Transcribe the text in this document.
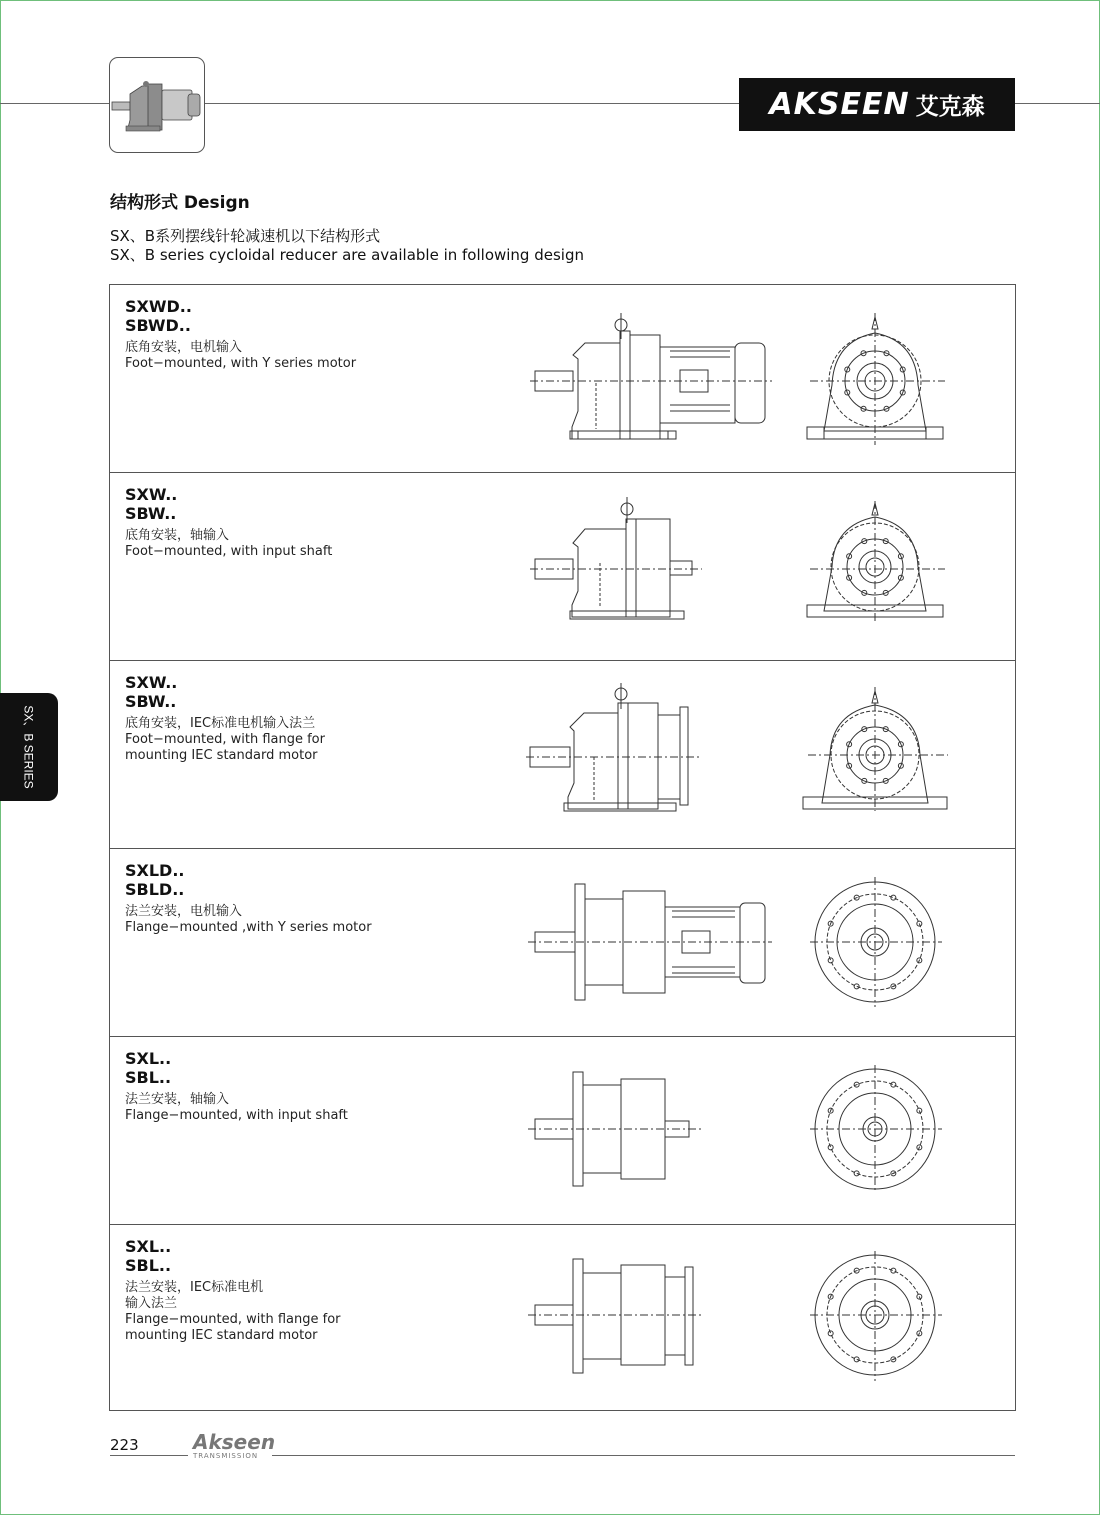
AKSEEN 艾克森
结构形式 Design
SX、B系列摆线针轮减速机以下结构形式
SX、B series cycloidal reducer are available in following design
SXWD..
SBWD..
底角安装，电机输入
Foot−mounted, with Y series motor
SXW..
SBW..
底角安装，轴输入
Foot−mounted, with input shaft
SXW..
SBW..
底角安装，IEC标准电机输入法兰
Foot−mounted, with flange for mounting IEC standard motor
SXLD..
SBLD..
法兰安装，电机输入
Flange−mounted ,with Y series motor
SXL..
SBL..
法兰安装，轴输入
Flange−mounted, with input shaft
SXL..
SBL..
法兰安装，IEC标准电机输入法兰
Flange−mounted, with flange for mounting IEC standard motor
SX、B SERIES
223	Akseen
TRANSMISSION
